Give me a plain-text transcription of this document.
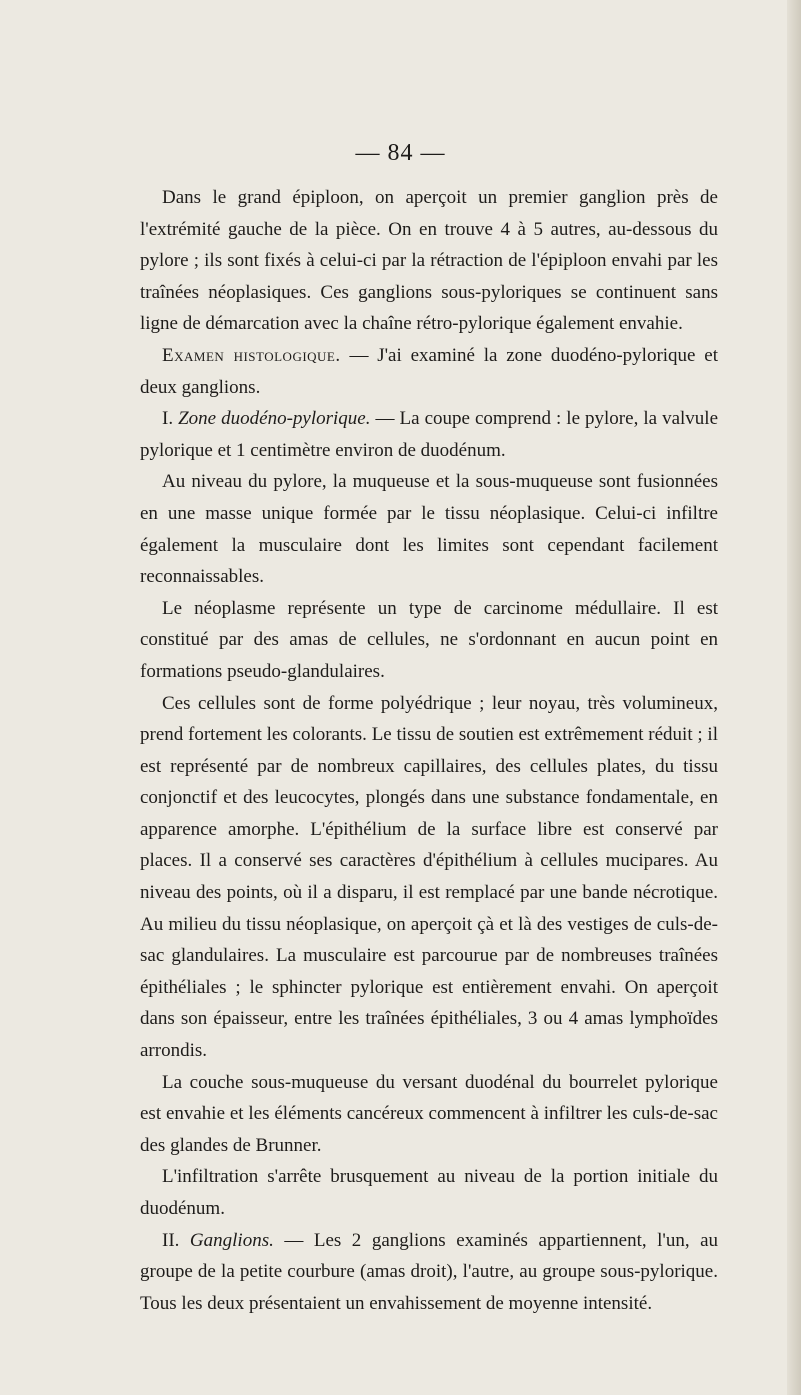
— 84 —

Dans le grand épiploon, on aperçoit un premier ganglion près de l'extrémité gauche de la pièce. On en trouve 4 à 5 autres, au-dessous du pylore ; ils sont fixés à celui-ci par la rétraction de l'épiploon envahi par les traînées néoplasiques. Ces ganglions sous-pyloriques se continuent sans ligne de démarcation avec la chaîne rétro-pylorique également envahie.

Examen histologique. — J'ai examiné la zone duodéno-pylorique et deux ganglions.

I. Zone duodéno-pylorique. — La coupe comprend : le pylore, la valvule pylorique et 1 centimètre environ de duodénum.

Au niveau du pylore, la muqueuse et la sous-muqueuse sont fusionnées en une masse unique formée par le tissu néoplasique. Celui-ci infiltre également la musculaire dont les limites sont cependant facilement reconnaissables.

Le néoplasme représente un type de carcinome médullaire. Il est constitué par des amas de cellules, ne s'ordonnant en aucun point en formations pseudo-glandulaires.

Ces cellules sont de forme polyédrique ; leur noyau, très volumineux, prend fortement les colorants. Le tissu de soutien est extrêmement réduit ; il est représenté par de nombreux capillaires, des cellules plates, du tissu conjonctif et des leucocytes, plongés dans une substance fondamentale, en apparence amorphe. L'épithélium de la surface libre est conservé par places. Il a conservé ses caractères d'épithélium à cellules mucipares. Au niveau des points, où il a disparu, il est remplacé par une bande nécrotique. Au milieu du tissu néoplasique, on aperçoit çà et là des vestiges de culs-de-sac glandulaires. La musculaire est parcourue par de nombreuses traînées épithéliales ; le sphincter pylorique est entièrement envahi. On aperçoit dans son épaisseur, entre les traînées épithéliales, 3 ou 4 amas lymphoïdes arrondis.

La couche sous-muqueuse du versant duodénal du bourrelet pylorique est envahie et les éléments cancéreux commencent à infiltrer les culs-de-sac des glandes de Brunner.

L'infiltration s'arrête brusquement au niveau de la portion initiale du duodénum.

II. Ganglions. — Les 2 ganglions examinés appartiennent, l'un, au groupe de la petite courbure (amas droit), l'autre, au groupe sous-pylorique. Tous les deux présentaient un envahissement de moyenne intensité.
